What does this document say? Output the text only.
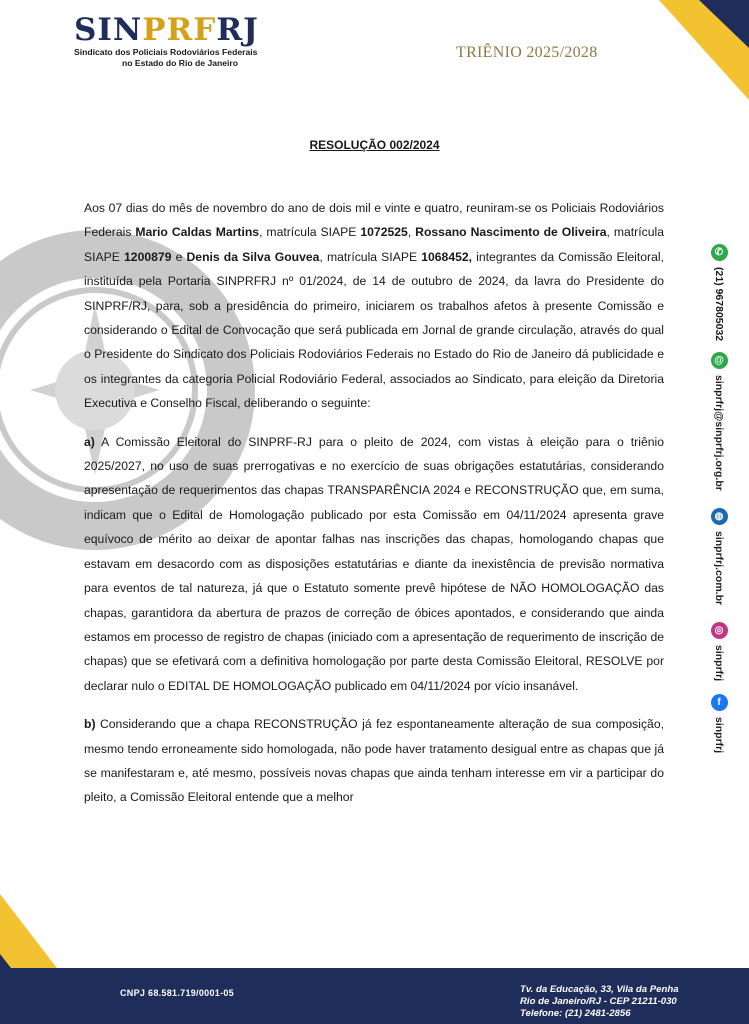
SIN PRF RJ
Sindicato dos Policiais Rodoviários Federais
no Estado do Rio de Janeiro
TRIÊNIO 2025/2028
RESOLUÇÃO 002/2024

Aos 07 dias do mês de novembro do ano de dois mil e vinte e quatro, reuniram-se os Policiais Rodoviários Federais Mario Caldas Martins, matrícula SIAPE 1072525, Rossano Nascimento de Oliveira, matrícula SIAPE 1200879 e Denis da Silva Gouvea, matrícula SIAPE 1068452, integrantes da Comissão Eleitoral, instituída pela Portaria SINPRFRJ nº 01/2024, de 14 de outubro de 2024, da lavra do Presidente do SINPRF/RJ, para, sob a presidência do primeiro, iniciarem os trabalhos afetos à presente Comissão e considerando o Edital de Convocação que será publicada em Jornal de grande circulação, através do qual o Presidente do Sindicato dos Policiais Rodoviários Federais no Estado do Rio de Janeiro dá publicidade e os integrantes da categoria Policial Rodoviário Federal, associados ao Sindicato, para eleição da Diretoria Executiva e Conselho Fiscal, deliberando o seguinte:

a) A Comissão Eleitoral do SINPRF-RJ para o pleito de 2024, com vistas à eleição para o triênio 2025/2027, no uso de suas prerrogativas e no exercício de suas obrigações estatutárias, considerando apresentação de requerimentos das chapas TRANSPARÊNCIA 2024 e RECONSTRUÇÃO que, em suma, indicam que o Edital de Homologação publicado por esta Comissão em 04/11/2024 apresenta grave equívoco de mérito ao deixar de apontar falhas nas inscrições das chapas, homologando chapas que estavam em desacordo com as disposições estatutárias e diante da inexistência de previsão normativa para eventos de tal natureza, já que o Estatuto somente prevê hipótese de NÃO HOMOLOGAÇÃO das chapas, garantidora da abertura de prazos de correção de óbices apontados, e considerando que ainda estamos em processo de registro de chapas (iniciado com a apresentação de requerimento de inscrição de chapas) que se efetivará com a definitiva homologação por parte desta Comissão Eleitoral, RESOLVE por declarar nulo o EDITAL DE HOMOLOGAÇÃO publicado em 04/11/2024 por vício insanável.

b) Considerando que a chapa RECONSTRUÇÃO já fez espontaneamente alteração de sua composição, mesmo tendo erroneamente sido homologada, não pode haver tratamento desigual entre as chapas que já se manifestaram e, até mesmo, possíveis novas chapas que ainda tenham interesse em vir a participar do pleito, a Comissão Eleitoral entende que a melhor

✆
(21) 967805032
@
sinprfrj@sinprfrj.org.br
◍
sinprfrj.com.br
◎
sinprfrj
f
sinprfrj
CNPJ 68.581.719/0001-05	Tv. da Educação, 33, Vila da Penha
Rio de Janeiro/RJ - CEP 21211-030
Telefone: (21) 2481-2856
